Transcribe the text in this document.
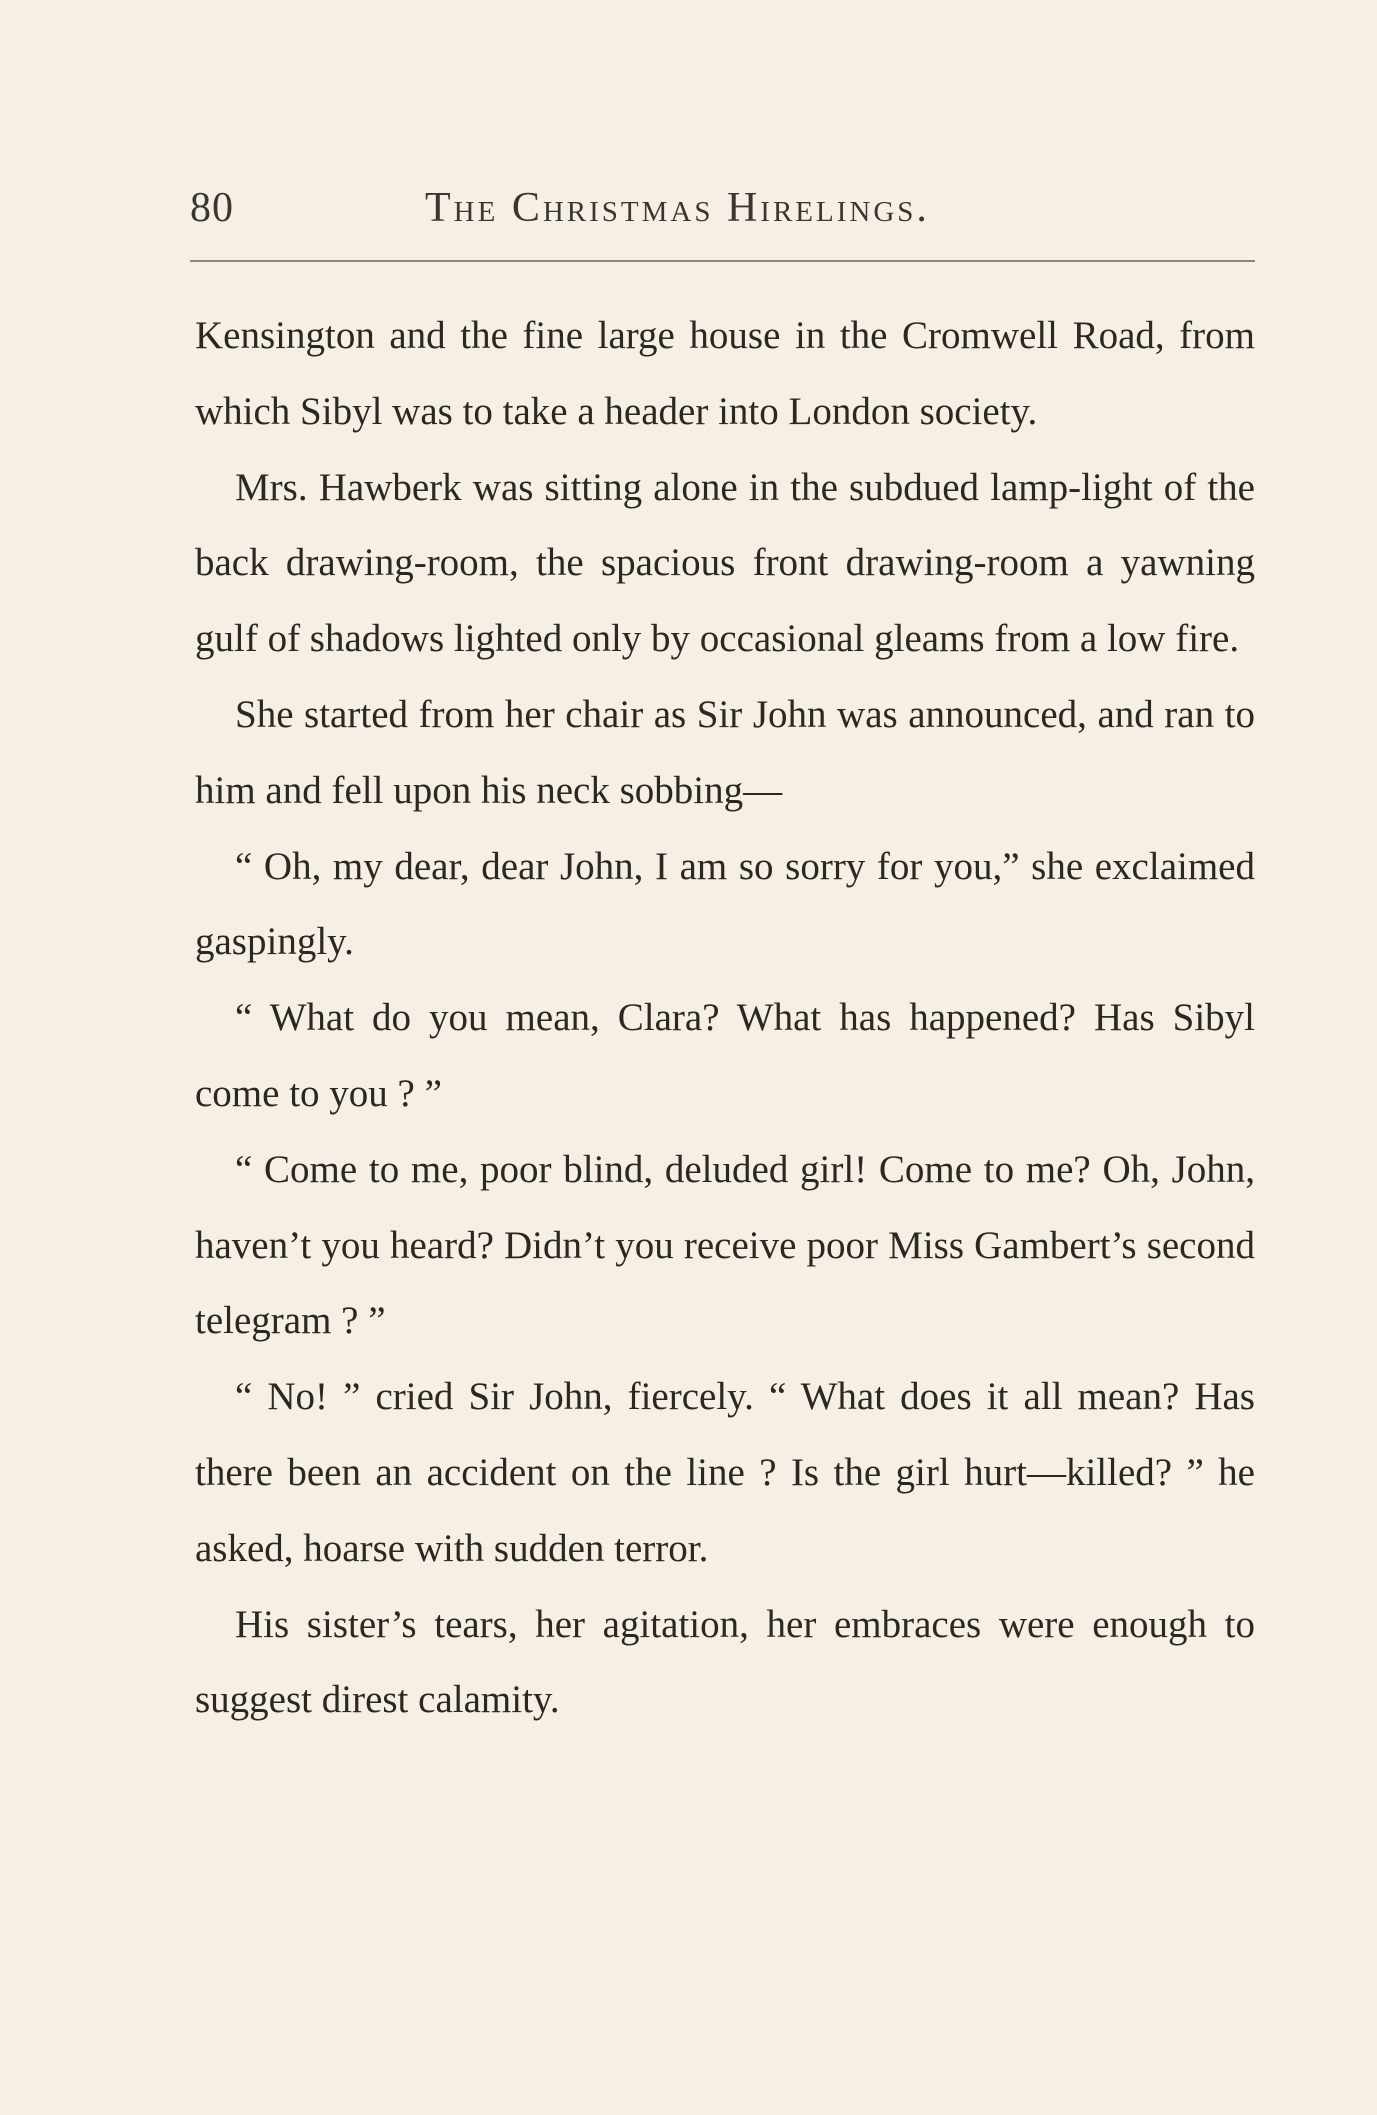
80	The Christmas Hirelings.

Kensington and the fine large house in the Cromwell Road, from which Sibyl was to take a header into London society.

Mrs. Hawberk was sitting alone in the subdued lamp-light of the back drawing-room, the spacious front drawing-room a yawning gulf of shadows lighted only by occasional gleams from a low fire.

She started from her chair as Sir John was announced, and ran to him and fell upon his neck sobbing—

“ Oh, my dear, dear John, I am so sorry for you,” she exclaimed gaspingly.

“ What do you mean, Clara? What has happened? Has Sibyl come to you ? ”

“ Come to me, poor blind, deluded girl! Come to me? Oh, John, haven’t you heard? Didn’t you receive poor Miss Gambert’s second telegram ? ”

“ No! ” cried Sir John, fiercely. “ What does it all mean? Has there been an accident on the line ? Is the girl hurt—killed? ” he asked, hoarse with sudden terror.

His sister’s tears, her agitation, her embraces were enough to suggest direst calamity.
